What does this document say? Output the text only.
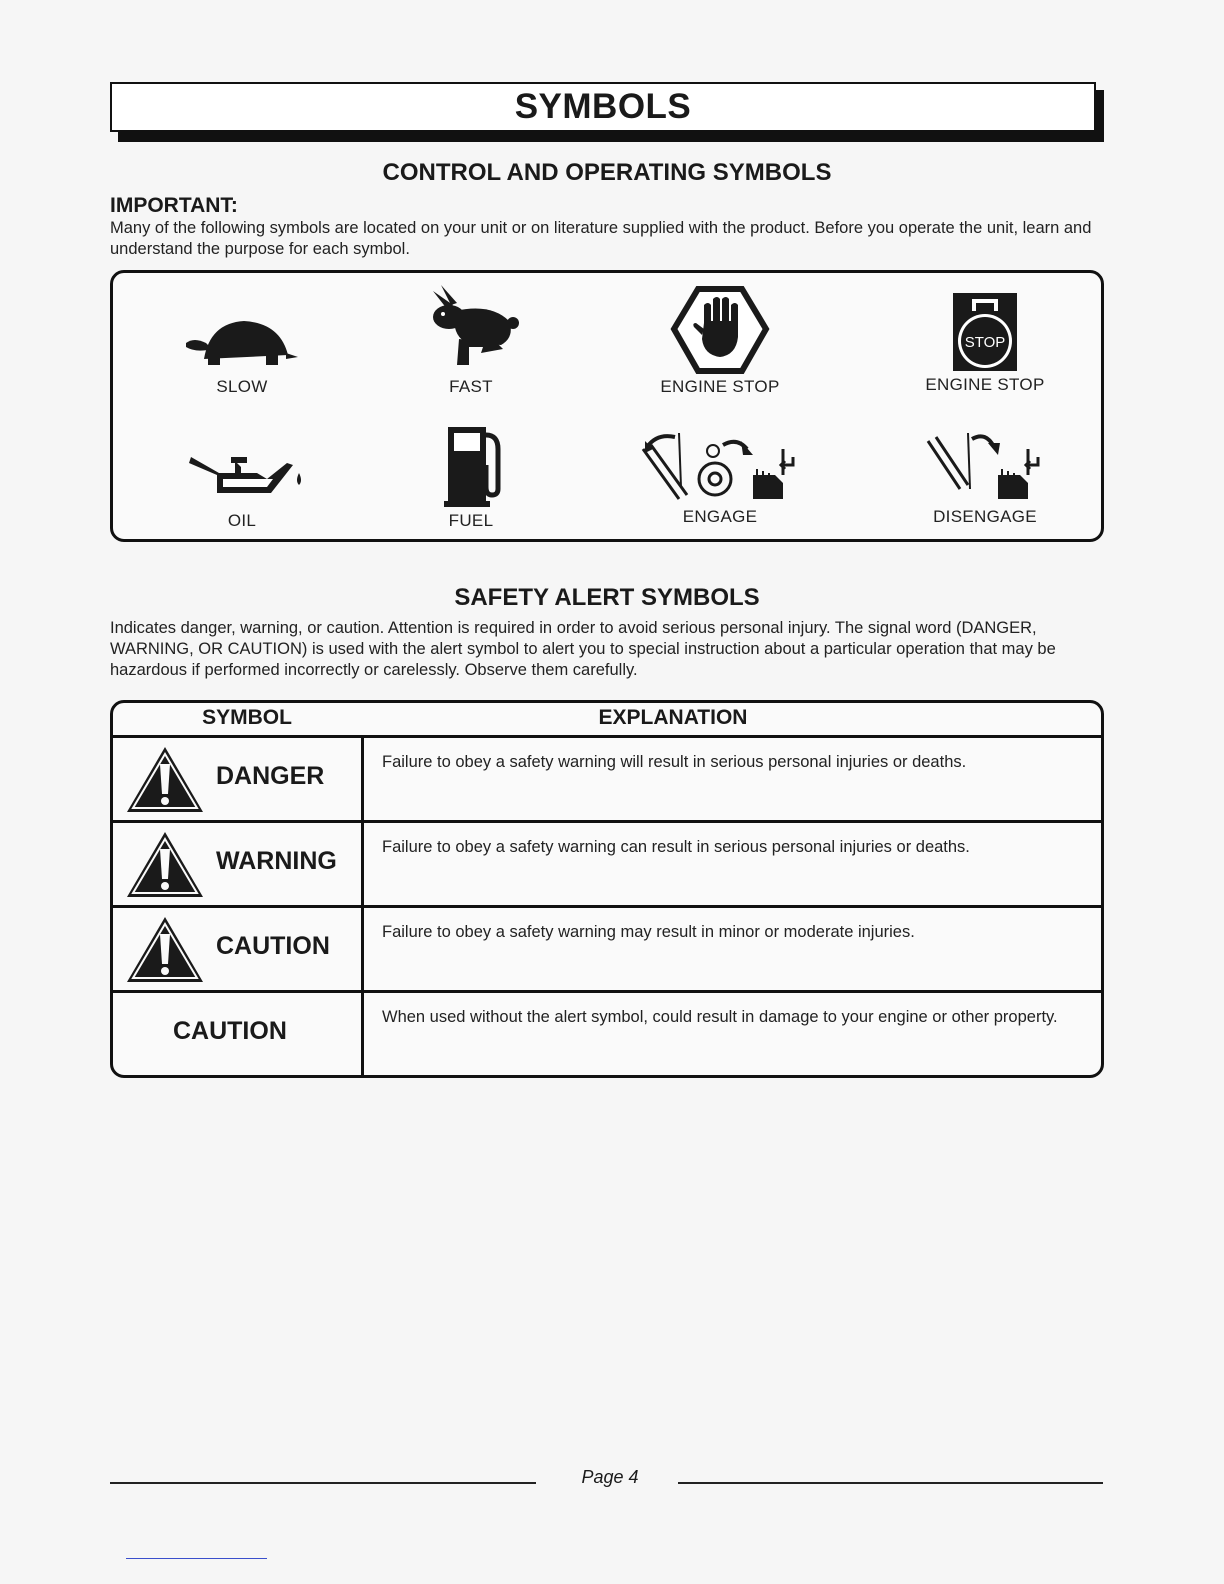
SYMBOLS
CONTROL AND OPERATING SYMBOLS
IMPORTANT:
Many of the following symbols are located on your unit or on literature supplied with the product. Before you operate the unit, learn and understand the purpose for each symbol.
SLOW	FAST	ENGINE STOP
STOP
ENGINE STOP
OIL	FUEL	ENGAGE	DISENGAGE
SAFETY ALERT SYMBOLS
Indicates danger, warning, or caution. Attention is required in order to avoid serious personal injury. The signal word (DANGER, WARNING, OR CAUTION) is used with the alert symbol to alert you to special instruction about a particular operation that may be hazardous if performed incorrectly or carelessly. Observe them carefully.
SYMBOL	EXPLANATION
DANGER	Failure to obey a safety warning will result in serious personal injuries or deaths.
WARNING	Failure to obey a safety warning can result in serious personal injuries or deaths.
CAUTION	Failure to obey a safety warning may result in minor or moderate injuries.
CAUTION	When used without the alert symbol, could result in damage to your engine or other property.
Page 4
